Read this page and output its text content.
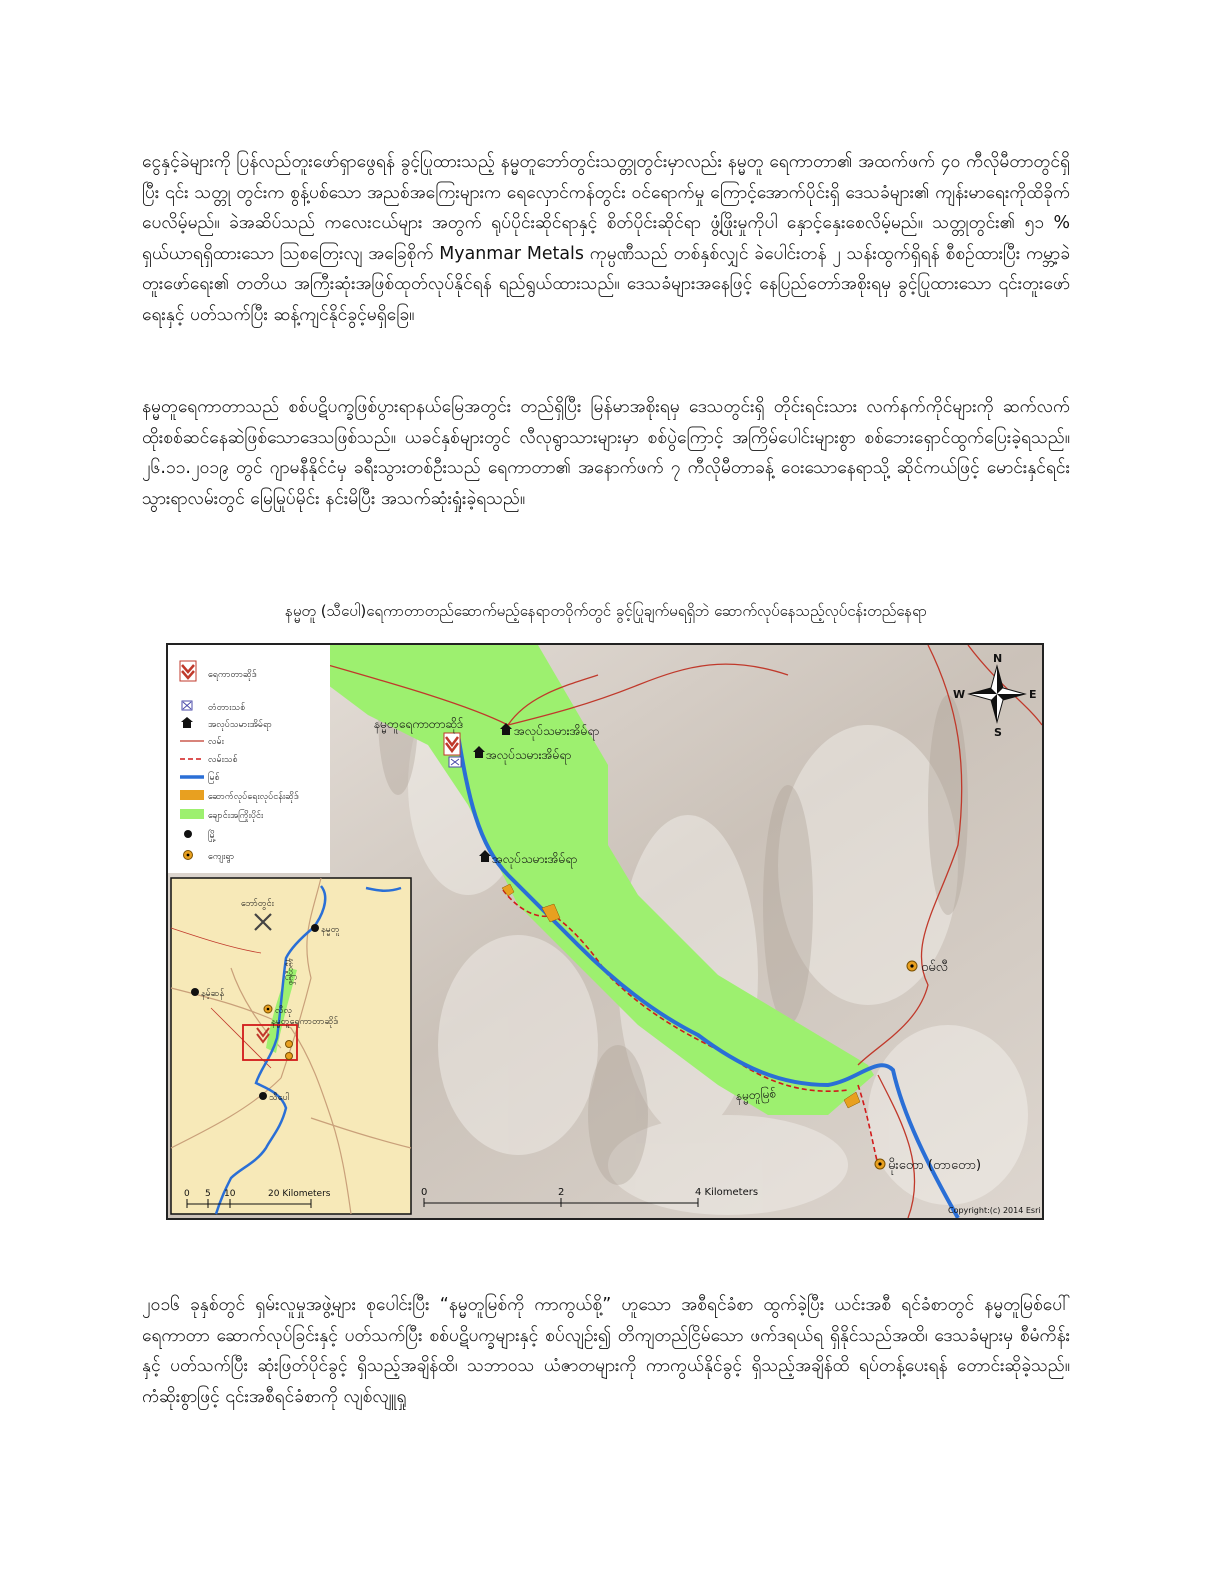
ငွေနှင့်ခဲများကို ပြန်လည်တူးဖော်ရှာဖွေရန် ခွင့်ပြုထားသည့် နမ္မတူဘော်တွင်းသတ္တုတွင်းမှာလည်း နမ္မတူ ရေကာတာ၏ အထက်ဖက် ၄၀ ကီလိုမီတာတွင်ရှိပြီး ၎င်း သတ္တု တွင်းက စွန့်ပစ်သော အညစ်အကြေးများက ရေလှောင်ကန်တွင်း ဝင်ရောက်မှု ကြောင့်အောက်ပိုင်းရှိ ဒေသခံများ၏ ကျန်းမာရေးကိုထိခိုက်ပေလိမ့်မည်။ ခဲအဆိပ်သည် ကလေးငယ်များ အတွက် ရုပ်ပိုင်းဆိုင်ရာနှင့် စိတ်ပိုင်းဆိုင်ရာ ဖွံ့ဖြိုးမှုကိုပါ နှောင့်နှေးစေလိမ့်မည်။ သတ္တုတွင်း၏ ၅၁ % ရှယ်ယာရရှိထားသော ဩစတြေးလျ အခြေစိုက် Myanmar Metals ကုမ္ပဏီသည် တစ်နှစ်လျှင် ခဲပေါင်းတန် ၂ သန်းထွက်ရှိရန် စီစဉ်ထားပြီး ကမ္ဘာ့ခဲတူးဖော်ရေး၏ တတိယ အကြီးဆုံးအဖြစ်ထုတ်လုပ်နိုင်ရန် ရည်ရွယ်ထားသည်။ ဒေသခံများအနေဖြင့် နေပြည်တော်အစိုးရမှ ခွင့်ပြုထားသော ၎င်းတူးဖော်ရေးနှင့် ပတ်သက်ပြီး ဆန့်ကျင်နိုင်ခွင့်မရှိခြေ။

နမ္မတူရေကာတာသည် စစ်ပဋိပက္ခဖြစ်ပွားရာနယ်မြေအတွင်း တည်ရှိပြီး မြန်မာအစိုးရမှ ဒေသတွင်းရှိ တိုင်းရင်းသား လက်နက်ကိုင်များကို ဆက်လက်ထိုးစစ်ဆင်နေဆဲဖြစ်သောဒေသဖြစ်သည်။ ယခင်နှစ်များတွင် လီလုရွာသားများမှာ စစ်ပွဲကြောင့် အကြိမ်ပေါင်းများစွာ စစ်ဘေးရှောင်ထွက်ပြေးခဲ့ရသည်။ ၂၆.၁၁.၂၀၁၉ တွင် ဂျာမနီနိုင်ငံမှ ခရီးသွားတစ်ဦးသည် ရေကာတာ၏ အနောက်ဖက် ၇ ကီလိုမီတာခန့် ဝေးသောနေရာသို့ ဆိုင်ကယ်ဖြင့် မောင်းနှင်ရင်း သွားရာလမ်းတွင် မြေမြုပ်မိုင်း နင်းမိပြီး အသက်ဆုံးရှုံးခဲ့ရသည်။

နမ္မတူ (သီပေါ)ရေကာတာတည်ဆောက်မည့်နေရာတဝိုက်တွင် ခွင့်ပြုချက်မရရှိဘဲ ဆောက်လုပ်နေသည့်လုပ်ငန်းတည်နေရာ

နမ္မတူရေကာတာဆိုဒ်	အလုပ်သမားအိမ်ရာ
အလုပ်သမားအိမ်ရာ
အလုပ်သမားအိမ်ရာ
ဝမ်လီ
မိုးတော (တာတော)
နမ္မတူမြစ်
N
E
S
W
0	2	4 Kilometers
Copyright:(c) 2014 Esri
ရေကာတာဆိုဒ်
တံတားသစ်
အလုပ်သမားအိမ်ရာ
လမ်း
လမ်းသစ်
မြစ်
ဆောက်လုပ်ရေးလုပ်ငန်းဆိုဒ်
ချောင်းအကြိုးပိုင်း
မြို့
ကျေးရွာ
ဘော်တွင်း
နမ္မတူ
နမ့်ဆန်
လီလု
နမ္မတူရေကာတာဆိုဒ်
သီပေါ
နမ္မတူမြစ်
0 5 10	20 Kilometers

၂၀၁၆ ခုနှစ်တွင် ရှမ်းလူမှုအဖွဲ့များ စုပေါင်းပြီး “နမ္မတူမြစ်ကို ကာကွယ်စို့” ဟူသော အစီရင်ခံစာ ထွက်ခဲ့ပြီး ယင်းအစီ ရင်ခံစာတွင် နမ္မတူမြစ်ပေါ် ရေကာတာ ဆောက်လုပ်ခြင်းနှင့် ပတ်သက်ပြီး စစ်ပဋိပက္ခများနှင့် စပ်လျဉ်း၍ တိကျတည်ငြိမ်သော ဖက်ဒရယ်ရ ရှိနိုင်သည်အထိ၊ ဒေသခံများမှ စီမံကိန်းနှင့် ပတ်သက်ပြီး ဆုံးဖြတ်ပိုင်ခွင့် ရှိသည့်အချိန်ထိ၊ သဘာဝသ ယံဇာတများကို ကာကွယ်နိုင်ခွင့် ရှိသည့်အချိန်ထိ ရပ်တန့်ပေးရန် တောင်းဆိုခဲ့သည်။ ကံဆိုးစွာဖြင့် ၎င်းအစီရင်ခံစာကို လျစ်လျူရှု
